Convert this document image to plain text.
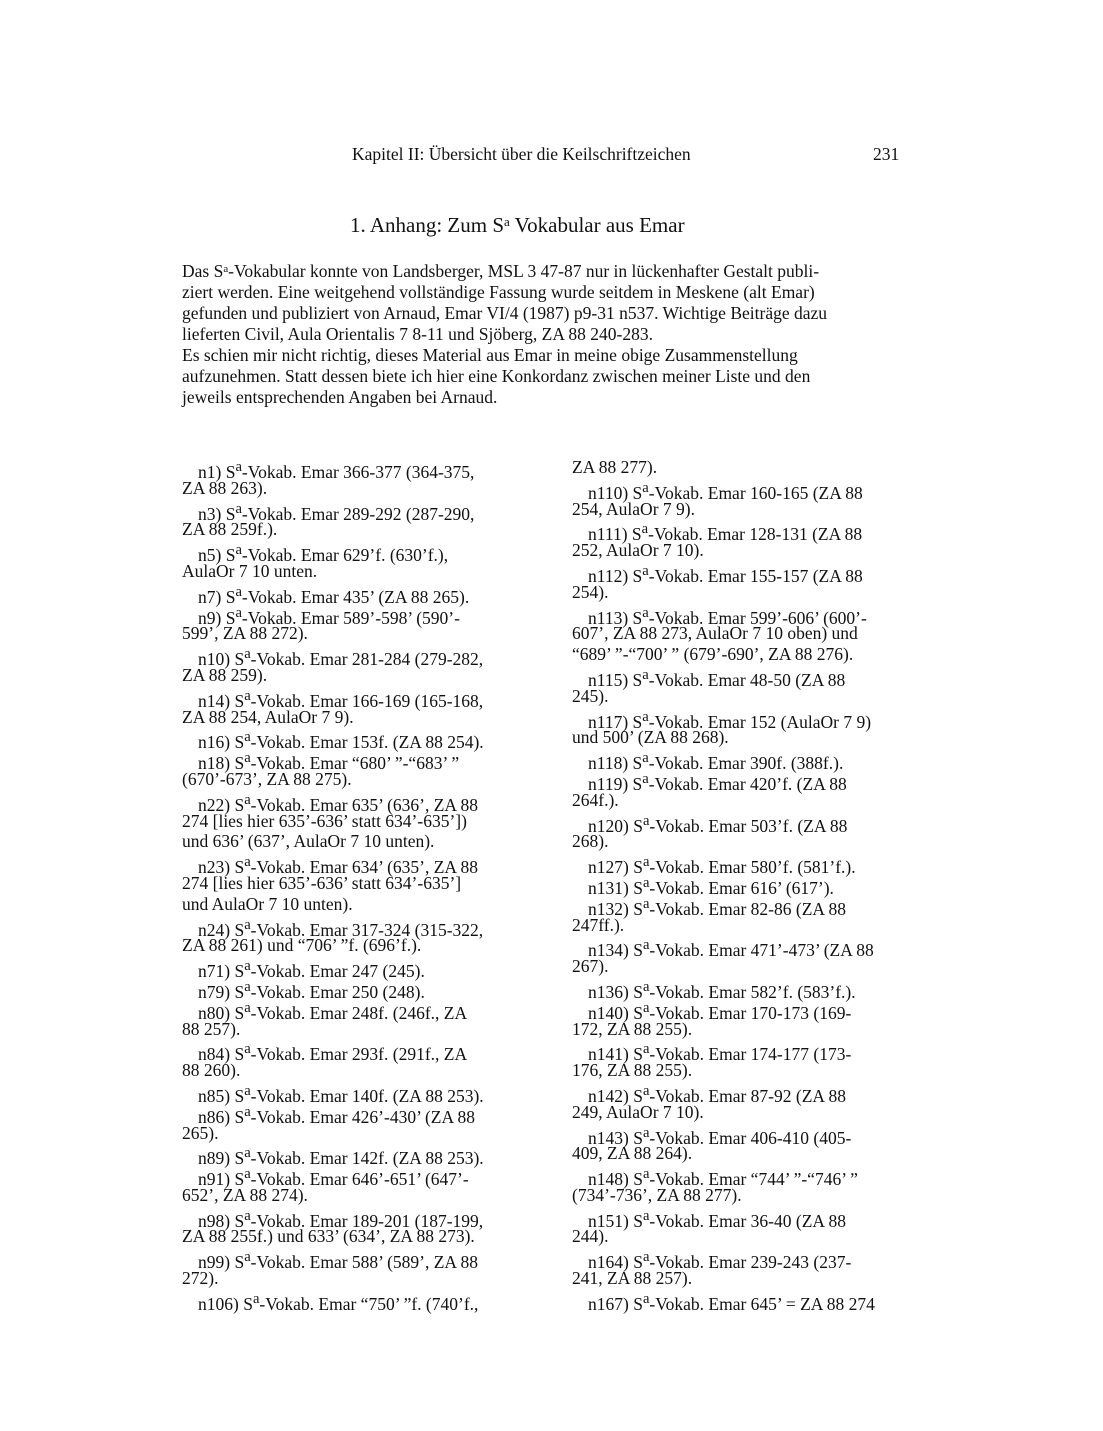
Kapitel II: Übersicht über die Keilschriftzeichen	231
1. Anhang: Zum $S^a$ Vokabular aus Emar
Das $S^a$-Vokabular konnte von Landsberger, MSL 3 47-87 nur in lückenhafter Gestalt publi-
ziert werden. Eine weitgehend vollständige Fassung wurde seitdem in Meskene (alt Emar)
gefunden und publiziert von Arnaud, Emar VI/4 (1987) p9-31 n537. Wichtige Beiträge dazu
lieferten Civil, Aula Orientalis 7 8-11 und Sjöberg, ZA 88 240-283.
Es schien mir nicht richtig, dieses Material aus Emar in meine obige Zusammenstellung
aufzunehmen. Statt dessen biete ich hier eine Konkordanz zwischen meiner Liste und den
jeweils entsprechenden Angaben bei Arnaud.
n1) $S^a$-Vokab. Emar 366-377 (364-375,
ZA 88 263).
n3) $S^a$-Vokab. Emar 289-292 (287-290,
ZA 88 259f.).
n5) $S^a$-Vokab. Emar 629’f. (630’f.),
AulaOr 7 10 unten.
n7) $S^a$-Vokab. Emar 435’ (ZA 88 265).
n9) $S^a$-Vokab. Emar 589’-598’ (590’-
599’, ZA 88 272).
n10) $S^a$-Vokab. Emar 281-284 (279-282,
ZA 88 259).
n14) $S^a$-Vokab. Emar 166-169 (165-168,
ZA 88 254, AulaOr 7 9).
n16) $S^a$-Vokab. Emar 153f. (ZA 88 254).
n18) $S^a$-Vokab. Emar “680’ ”-“683’ ”
(670’-673’, ZA 88 275).
n22) $S^a$-Vokab. Emar 635’ (636’, ZA 88
274 [lies hier 635’-636’ statt 634’-635’])
und 636’ (637’, AulaOr 7 10 unten).
n23) $S^a$-Vokab. Emar 634’ (635’, ZA 88
274 [lies hier 635’-636’ statt 634’-635’]
und AulaOr 7 10 unten).
n24) $S^a$-Vokab. Emar 317-324 (315-322,
ZA 88 261) und “706’ ”f. (696’f.).
n71) $S^a$-Vokab. Emar 247 (245).
n79) $S^a$-Vokab. Emar 250 (248).
n80) $S^a$-Vokab. Emar 248f. (246f., ZA
88 257).
n84) $S^a$-Vokab. Emar 293f. (291f., ZA
88 260).
n85) $S^a$-Vokab. Emar 140f. (ZA 88 253).
n86) $S^a$-Vokab. Emar 426’-430’ (ZA 88
265).
n89) $S^a$-Vokab. Emar 142f. (ZA 88 253).
n91) $S^a$-Vokab. Emar 646’-651’ (647’-
652’, ZA 88 274).
n98) $S^a$-Vokab. Emar 189-201 (187-199,
ZA 88 255f.) und 633’ (634’, ZA 88 273).
n99) $S^a$-Vokab. Emar 588’ (589’, ZA 88
272).
n106) $S^a$-Vokab. Emar “750’ ”f. (740’f.,
ZA 88 277).
n110) $S^a$-Vokab. Emar 160-165 (ZA 88
254, AulaOr 7 9).
n111) $S^a$-Vokab. Emar 128-131 (ZA 88
252, AulaOr 7 10).
n112) $S^a$-Vokab. Emar 155-157 (ZA 88
254).
n113) $S^a$-Vokab. Emar 599’-606’ (600’-
607’, ZA 88 273, AulaOr 7 10 oben) und
“689’ ”-“700’ ” (679’-690’, ZA 88 276).
n115) $S^a$-Vokab. Emar 48-50 (ZA 88
245).
n117) $S^a$-Vokab. Emar 152 (AulaOr 7 9)
und 500’ (ZA 88 268).
n118) $S^a$-Vokab. Emar 390f. (388f.).
n119) $S^a$-Vokab. Emar 420’f. (ZA 88
264f.).
n120) $S^a$-Vokab. Emar 503’f. (ZA 88
268).
n127) $S^a$-Vokab. Emar 580’f. (581’f.).
n131) $S^a$-Vokab. Emar 616’ (617’).
n132) $S^a$-Vokab. Emar 82-86 (ZA 88
247ff.).
n134) $S^a$-Vokab. Emar 471’-473’ (ZA 88
267).
n136) $S^a$-Vokab. Emar 582’f. (583’f.).
n140) $S^a$-Vokab. Emar 170-173 (169-
172, ZA 88 255).
n141) $S^a$-Vokab. Emar 174-177 (173-
176, ZA 88 255).
n142) $S^a$-Vokab. Emar 87-92 (ZA 88
249, AulaOr 7 10).
n143) $S^a$-Vokab. Emar 406-410 (405-
409, ZA 88 264).
n148) $S^a$-Vokab. Emar “744’ ”-“746’ ”
(734’-736’, ZA 88 277).
n151) $S^a$-Vokab. Emar 36-40 (ZA 88
244).
n164) $S^a$-Vokab. Emar 239-243 (237-
241, ZA 88 257).
n167) $S^a$-Vokab. Emar 645’ = ZA 88 274
